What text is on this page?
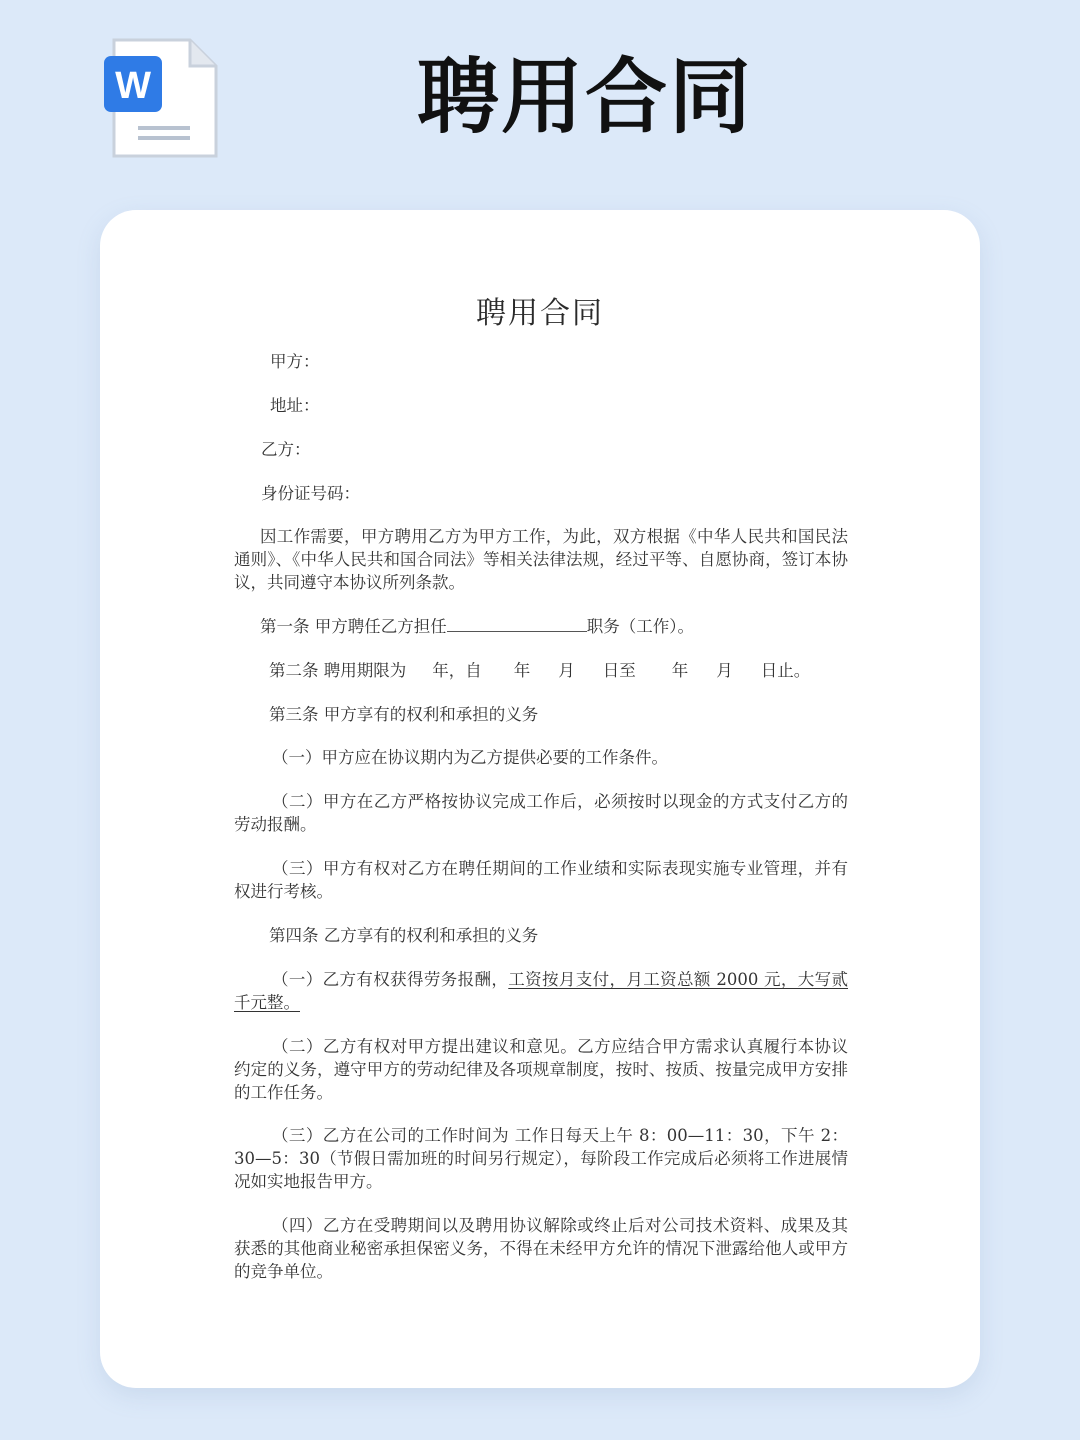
W	聘用合同
聘用合同
甲方：
地址：
乙方：
身份证号码：
因工作需要，甲方聘用乙方为甲方工作，为此，双方根据《中华人民共和国民法通则》、《中华人民共和国合同法》等相关法律法规，经过平等、自愿协商，签订本协议，共同遵守本协议所列条款。
第一条 甲方聘任乙方担任	职务（工作）。
第二条 聘用期限为 年，自 年 月 日至 年 月 日止。
第三条 甲方享有的权利和承担的义务
（一）甲方应在协议期内为乙方提供必要的工作条件。
（二）甲方在乙方严格按协议完成工作后，必须按时以现金的方式支付乙方的劳动报酬。
（三）甲方有权对乙方在聘任期间的工作业绩和实际表现实施专业管理，并有权进行考核。
第四条 乙方享有的权利和承担的义务
（一）乙方有权获得劳务报酬，工资按月支付，月工资总额 2000 元，大写贰千元整。
（二）乙方有权对甲方提出建议和意见。乙方应结合甲方需求认真履行本协议约定的义务，遵守甲方的劳动纪律及各项规章制度，按时、按质、按量完成甲方安排的工作任务。
（三）乙方在公司的工作时间为 工作日每天上午 8：00—11：30，下午 2：30—5：30（节假日需加班的时间另行规定），每阶段工作完成后必须将工作进展情况如实地报告甲方。
（四）乙方在受聘期间以及聘用协议解除或终止后对公司技术资料、成果及其获悉的其他商业秘密承担保密义务，不得在未经甲方允许的情况下泄露给他人或甲方的竞争单位。
